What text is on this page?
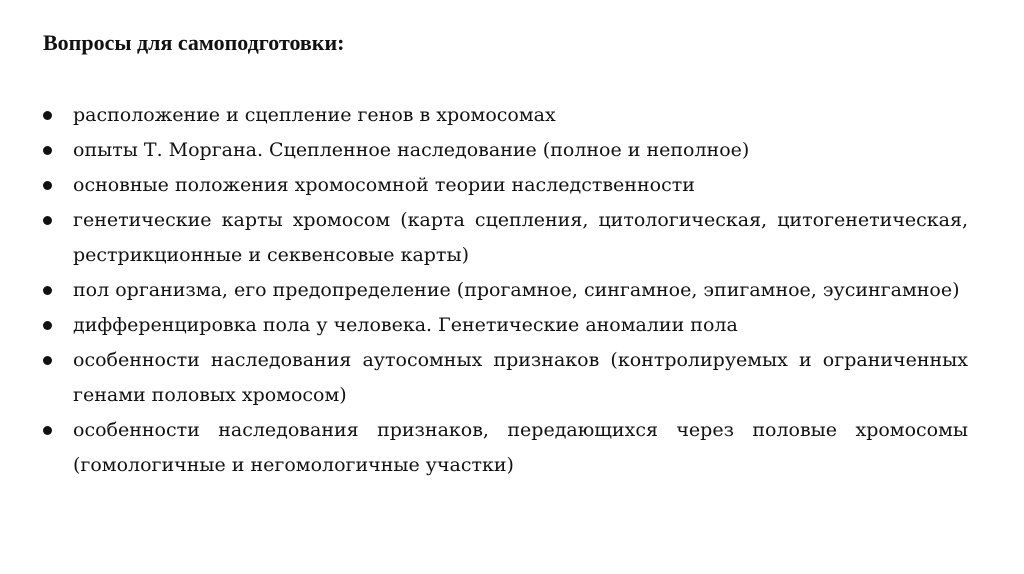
Вопросы для самоподготовки:
расположение и сцепление генов в хромосомах
опыты Т. Моргана. Сцепленное наследование (полное и неполное)
основные положения хромосомной теории наследственности
генетические карты хромосом (карта сцепления, цитологическая, цитогенетическая, рестрикционные и секвенсовые карты)
пол организма, его предопределение (прогамное, сингамное, эпигамное, эусингамное)
дифференцировка пола у человека. Генетические аномалии пола
особенности наследования аутосомных признаков (контролируемых и ограниченных генами половых хромосом)
особенности наследования признаков, передающихся через половые хромосомы (гомологичные и негомологичные участки)
